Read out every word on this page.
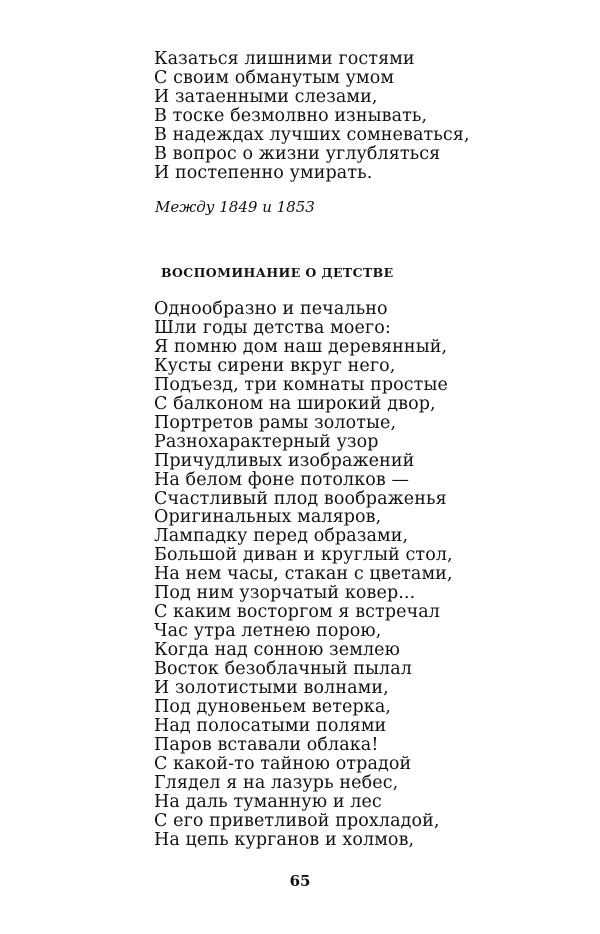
Казаться лишними гостями
С своим обманутым умом
И затаенными слезами,
В тоске безмолвно изнывать,
В надеждах лучших сомневаться,
В вопрос о жизни углубляться
И постепенно умирать.
Между 1849 и 1853
ВОСПОМИНАНИЕ О ДЕТСТВЕ
Однообразно и печально
Шли годы детства моего:
Я помню дом наш деревянный,
Кусты сирени вкруг него,
Подъезд, три комнаты простые
С балконом на широкий двор,
Портретов рамы золотые,
Разнохарактерный узор
Причудливых изображений
На белом фоне потолков —
Счастливый плод воображенья
Оригинальных маляров,
Лампадку перед образами,
Большой диван и круглый стол,
На нем часы, стакан с цветами,
Под ним узорчатый ковер...
С каким восторгом я встречал
Час утра летнею порою,
Когда над сонною землею
Восток безоблачный пылал
И золотистыми волнами,
Под дуновеньем ветерка,
Над полосатыми полями
Паров вставали облака!
С какой-то тайною отрадой
Глядел я на лазурь небес,
На даль туманную и лес
С его приветливой прохладой,
На цепь курганов и холмов,
65
